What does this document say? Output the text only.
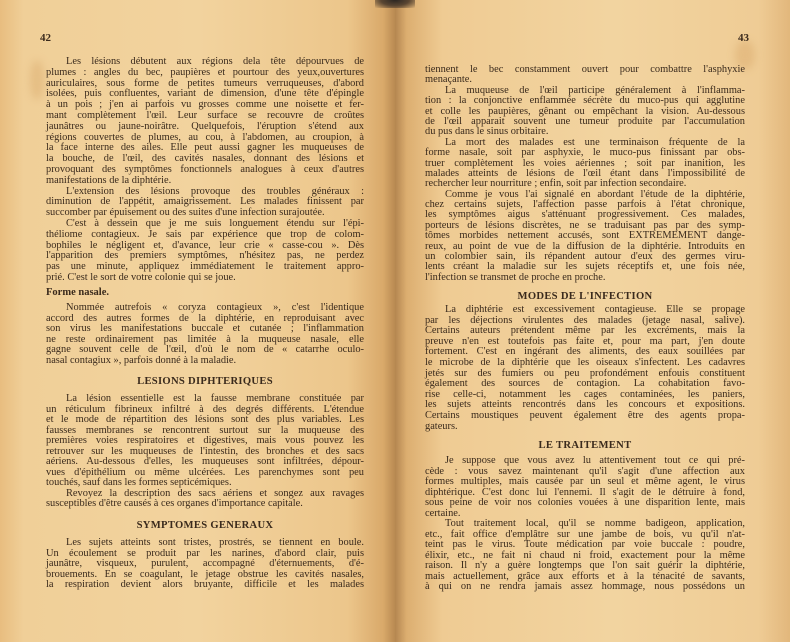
42
Les lésions débutent aux régions dela tête dépourvues de
plumes : angles du bec, paupières et pourtour des yeux,ouvertures
auriculaires, sous forme de petites tumeurs verruqueuses, d'abord
isolées, puis confluentes, variant de dimension, d'une tête d'épingle
à un pois ; j'en ai parfois vu grosses comme une noisette et fer-
mant complètement l'œil. Leur surface se recouvre de croûtes
jaunâtres ou jaune-noirâtre. Quelquefois, l'éruption s'étend aux
régions couvertes de plumes, au cou, à l'abdomen, au croupion, à
la face interne des ailes. Elle peut aussi gagner les muqueuses de
la bouche, de l'œil, des cavités nasales, donnant des lésions et
provoquant des symptômes fonctionnels analogues à ceux d'autres
manifestations de la diphtérie.
L'extension des lésions provoque des troubles généraux :
diminution de l'appétit, amaigrissement. Les malades finissent par
succomber par épuisement ou des suites d'une infection surajoutée.
C'est à dessein que je me suis longuement étendu sur l'épi-
théliome contagieux. Je sais par expérience que trop de colom-
bophiles le négligent et, d'avance, leur crie « casse-cou ». Dès
l'apparition des premiers symptômes, n'hésitez pas, ne perdez
pas une minute, appliquez immédiatement le traitement appro-
prié. C'est le sort de votre colonie qui se joue.
Forme nasale.
Nommée autrefois « coryza contagieux », c'est l'identique
accord des autres formes de la diphtérie, en reproduisant avec
son virus les manifestations buccale et cutanée ; l'inflammation
ne reste ordinairement pas limitée à la muqueuse nasale, elle
gagne souvent celle de l'œil, d'où le nom de « catarrhe oculo-
nasal contagiux », parfois donné à la maladie.
LESIONS DIPHTERIQUES
La lésion essentielle est la fausse membrane constituée par
un réticulum fibrineux infiltré à des degrés différents. L'étendue
et le mode de répartition des lésions sont des plus variables. Les
fausses membranes se rencontrent surtout sur la muqueuse des
premières voies respiratoires et digestives, mais vous pouvez les
retrouver sur les muqueuses de l'intestin, des bronches et des sacs
aériens. Au-dessous d'elles, les muqueuses sont infiltrées, dépour-
vues d'épithélium ou même ulcérées. Les parenchymes sont peu
touchés, sauf dans les formes septicémiques.
Revoyez la description des sacs aériens et songez aux ravages
susceptibles d'être causés à ces organes d'importance capitale.
SYMPTOMES GENERAUX
Les sujets atteints sont tristes, prostrés, se tiennent en boule.
Un écoulement se produit par les narines, d'abord clair, puis
jaunâtre, visqueux, purulent, accompagné d'éternuements, d'é-
brouements. En se coagulant, le jetage obstrue les cavités nasales,
la respiration devient alors bruyante, difficile et les malades
43
tiennent le bec constamment ouvert pour combattre l'asphyxie
menaçante.
La muqueuse de l'œil participe généralement à l'inflamma-
tion : la conjonctive enflammée sécrète du muco-pus qui agglutine
et colle les paupières, gênant ou empêchant la vision. Au-dessous
de l'œil apparait souvent une tumeur produite par l'accumulation
du pus dans le sinus orbitaire.
La mort des malades est une terminaison fréquente de la
forme nasale, soit par asphyxie, le muco-pus finissant par obs-
truer complètement les voies aériennes ; soit par inanition, les
malades atteints de lésions de l'œil étant dans l'impossibilité de
rechercher leur nourriture ; enfin, soit par infection secondaire.
Comme je vous l'ai signalé en abordant l'étude de la diphtérie,
chez certains sujets, l'affection passe parfois à l'état chronique,
les symptômes aigus s'atténuant progressivement. Ces malades,
porteurs de lésions discrètes, ne se traduisant pas par des symp-
tômes morbides nettement accusés, sont EXTREMEMENT dange-
reux, au point de vue de la diffusion de la diphtérie. Introduits en
un colombier sain, ils répandent autour d'eux des germes viru-
lents créant la maladie sur les sujets réceptifs et, une fois née,
l'infection se transmet de proche en proche.
MODES DE L'INFECTION
La diphtérie est excessivement contagieuse. Elle se propage
par les déjections virulentes des malades (jetage nasal, salive).
Certains auteurs prétendent même par les excréments, mais la
preuve n'en est toutefois pas faite et, pour ma part, j'en doute
fortement. C'est en ingérant des aliments, des eaux souillées par
le microbe de la diphtérie que les oiseaux s'infectent. Les cadavres
jetés sur des fumiers ou peu profondément enfouis constituent
également des sources de contagion. La cohabitation favo-
rise celle-ci, notamment les cages contaminées, les paniers,
les sujets atteints rencontrés dans les concours et expositions.
Certains moustiques peuvent également être des agents propa-
gateurs.
LE TRAITEMENT
Je suppose que vous avez lu attentivement tout ce qui pré-
cède : vous savez maintenant qu'il s'agit d'une affection aux
formes multiples, mais causée par un seul et même agent, le virus
diphtérique. C'est donc lui l'ennemi. Il s'agit de le détruire à fond,
sous peine de voir nos colonies vouées à une disparition lente, mais
certaine.
Tout traitement local, qu'il se nomme badigeon, application,
etc., fait office d'emplâtre sur une jambe de bois, vu qu'il n'at-
teint pas le virus. Toute médication par voie buccale : poudre,
élixir, etc., ne fait ni chaud ni froid, exactement pour la même
raison. Il n'y a guère longtemps que l'on sait guérir la diphtérie,
mais actuellement, grâce aux efforts et à la ténacité de savants,
à qui on ne rendra jamais assez hommage, nous possédons un
